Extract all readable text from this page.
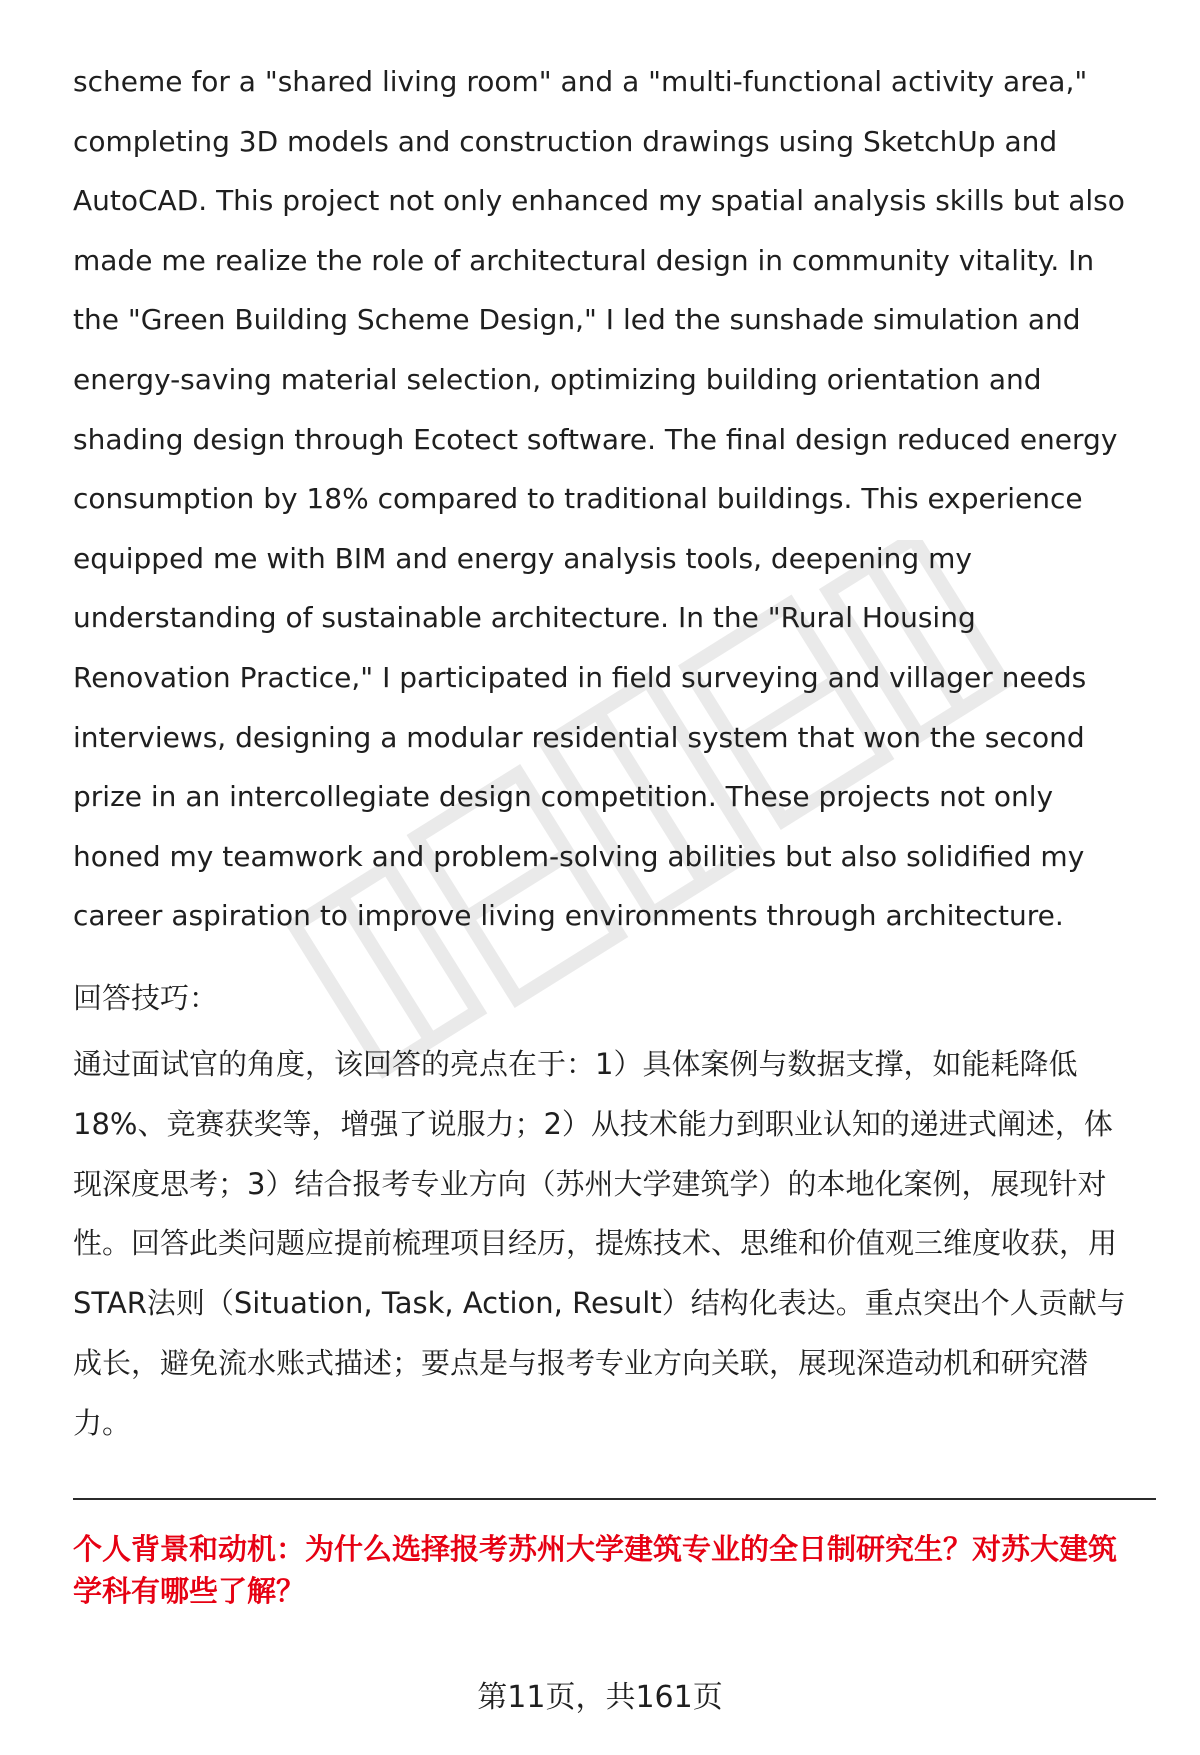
scheme for a "shared living room" and a "multi-functional activity area,"
completing 3D models and construction drawings using SketchUp and
AutoCAD. This project not only enhanced my spatial analysis skills but also
made me realize the role of architectural design in community vitality. In
the "Green Building Scheme Design," I led the sunshade simulation and
energy-saving material selection, optimizing building orientation and
shading design through Ecotect software. The final design reduced energy
consumption by 18% compared to traditional buildings. This experience
equipped me with BIM and energy analysis tools, deepening my
understanding of sustainable architecture. In the "Rural Housing
Renovation Practice," I participated in field surveying and villager needs
interviews, designing a modular residential system that won the second
prize in an intercollegiate design competition. These projects not only
honed my teamwork and problem-solving abilities but also solidified my
career aspiration to improve living environments through architecture.
回答技巧：
通过面试官的角度，该回答的亮点在于：1）具体案例与数据支撑，如能耗降低
18%、竞赛获奖等，增强了说服力；2）从技术能力到职业认知的递进式阐述，体
现深度思考；3）结合报考专业方向（苏州大学建筑学）的本地化案例，展现针对
性。回答此类问题应提前梳理项目经历，提炼技术、思维和价值观三维度收获，用
STAR法则（Situation, Task, Action, Result）结构化表达。重点突出个人贡献与
成长，避免流水账式描述；要点是与报考专业方向关联，展现深造动机和研究潜
力。
个人背景和动机：为什么选择报考苏州大学建筑专业的全日制研究生？对苏大建筑
学科有哪些了解？
第11页，共161页
